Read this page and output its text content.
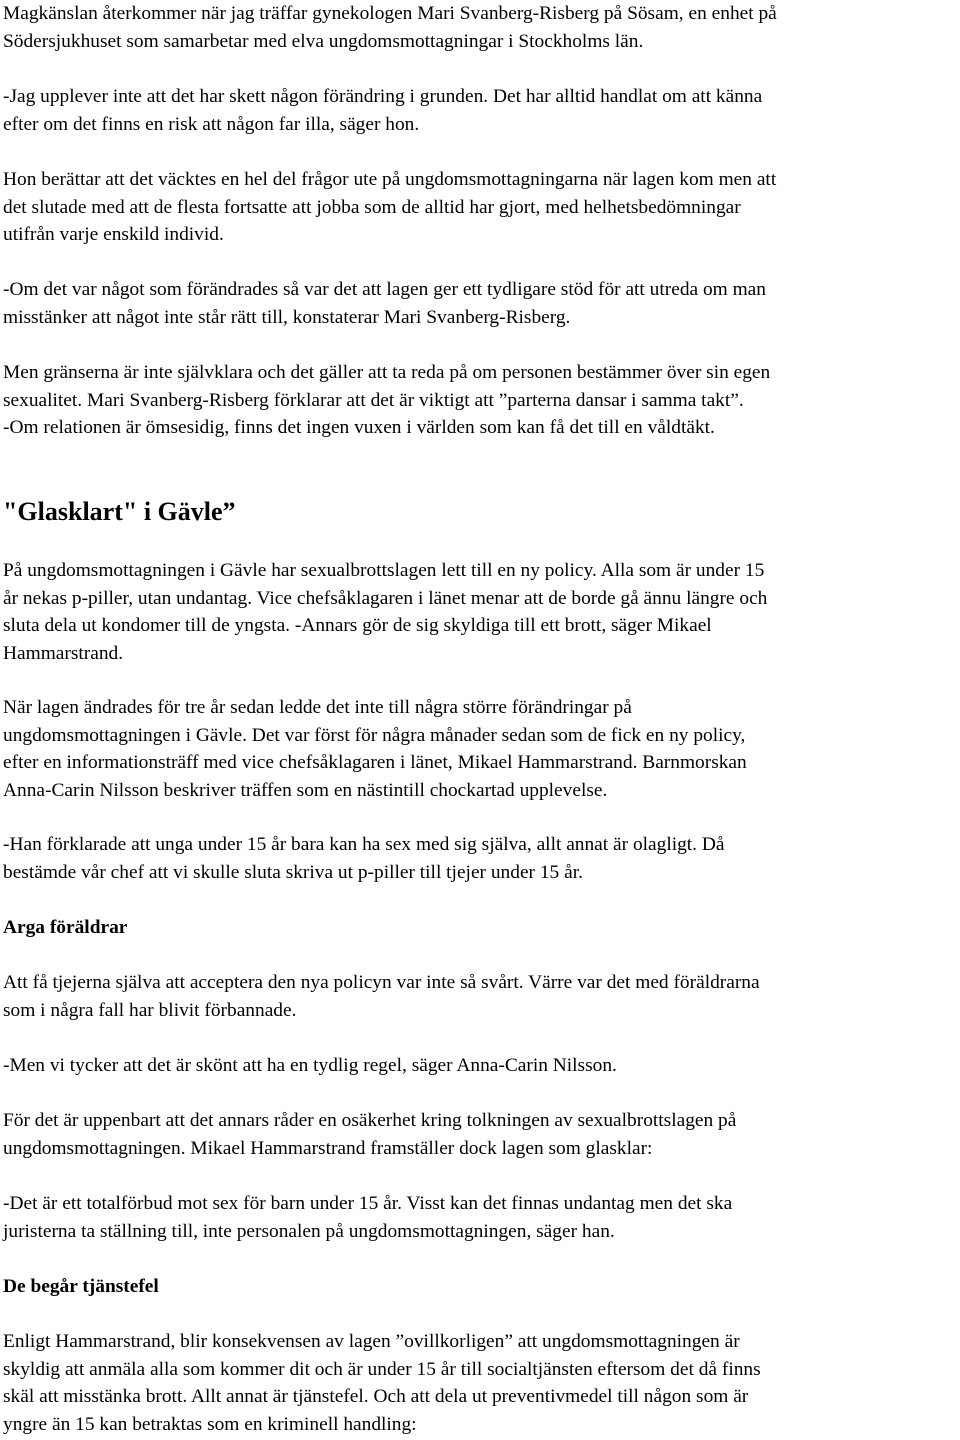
Magkänslan återkommer när jag träffar gynekologen Mari Svanberg-Risberg på Sösam, en enhet på
Södersjukhuset som samarbetar med elva ungdomsmottagningar i Stockholms län.

-Jag upplever inte att det har skett någon förändring i grunden. Det har alltid handlat om att känna
efter om det finns en risk att någon far illa, säger hon.

Hon berättar att det väcktes en hel del frågor ute på ungdomsmottagningarna när lagen kom men att
det slutade med att de flesta fortsatte att jobba som de alltid har gjort, med helhetsbedömningar
utifrån varje enskild individ.

-Om det var något som förändrades så var det att lagen ger ett tydligare stöd för att utreda om man
misstänker att något inte står rätt till, konstaterar Mari Svanberg-Risberg.

Men gränserna är inte självklara och det gäller att ta reda på om personen bestämmer över sin egen
sexualitet. Mari Svanberg-Risberg förklarar att det är viktigt att ”parterna dansar i samma takt”.
-Om relationen är ömsesidig, finns det ingen vuxen i världen som kan få det till en våldtäkt.

"Glasklart" i Gävle”

På ungdomsmottagningen i Gävle har sexualbrottslagen lett till en ny policy. Alla som är under 15
år nekas p-piller, utan undantag. Vice chefsåklagaren i länet menar att de borde gå ännu längre och
sluta dela ut kondomer till de yngsta. -Annars gör de sig skyldiga till ett brott, säger Mikael
Hammarstrand.

När lagen ändrades för tre år sedan ledde det inte till några större förändringar på
ungdomsmottagningen i Gävle. Det var först för några månader sedan som de fick en ny policy,
efter en informationsträff med vice chefsåklagaren i länet, Mikael Hammarstrand. Barnmorskan
Anna-Carin Nilsson beskriver träffen som en nästintill chockartad upplevelse.

-Han förklarade att unga under 15 år bara kan ha sex med sig själva, allt annat är olagligt. Då
bestämde vår chef att vi skulle sluta skriva ut p-piller till tjejer under 15 år.

Arga föräldrar

Att få tjejerna själva att acceptera den nya policyn var inte så svårt. Värre var det med föräldrarna
som i några fall har blivit förbannade.

-Men vi tycker att det är skönt att ha en tydlig regel, säger Anna-Carin Nilsson.

För det är uppenbart att det annars råder en osäkerhet kring tolkningen av sexualbrottslagen på
ungdomsmottagningen. Mikael Hammarstrand framställer dock lagen som glasklar:

-Det är ett totalförbud mot sex för barn under 15 år. Visst kan det finnas undantag men det ska
juristerna ta ställning till, inte personalen på ungdomsmottagningen, säger han.

De begår tjänstefel

Enligt Hammarstrand, blir konsekvensen av lagen ”ovillkorligen” att ungdomsmottagningen är
skyldig att anmäla alla som kommer dit och är under 15 år till socialtjänsten eftersom det då finns
skäl att misstänka brott. Allt annat är tjänstefel. Och att dela ut preventivmedel till någon som är
yngre än 15 kan betraktas som en kriminell handling:
